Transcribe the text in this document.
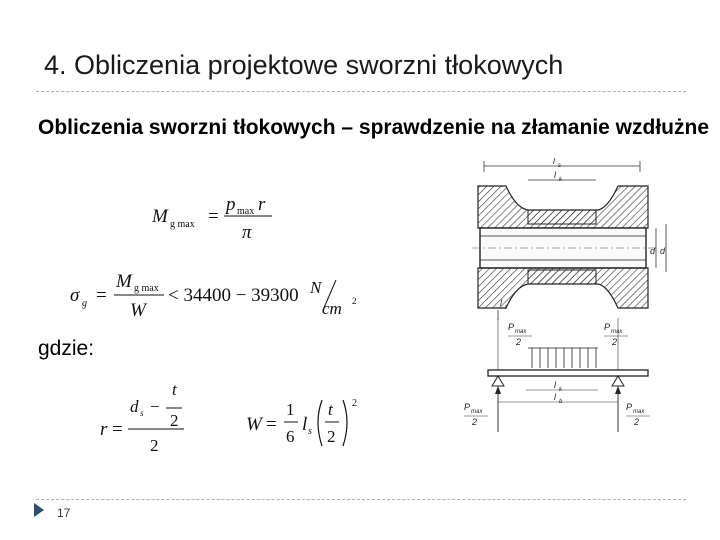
4. Obliczenia projektowe sworzni tłokowych
Obliczenia sworzni tłokowych – sprawdzenie na złamanie wzdłużne
M g max =
p max r
π
σ g =
M g max
W
< 34400 − 39300 N
cm 2
gdzie:
t
d s −
2
r =
2
W =
1
6
l s
t
2
2
l s
l k
d d
l t
P max
2
P max
2
l k
l b
P max
2
P max
2
17
